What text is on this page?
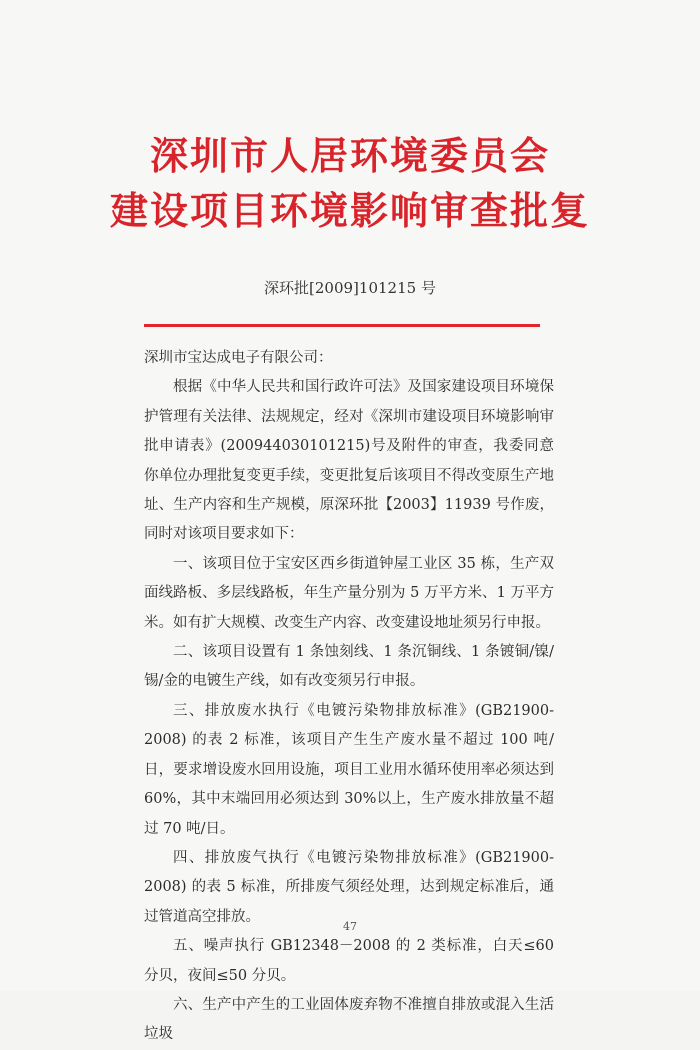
深圳市人居环境委员会
建设项目环境影响审查批复
深环批[2009]101215 号

深圳市宝达成电子有限公司：

根据《中华人民共和国行政许可法》及国家建设项目环境保护管理有关法律、法规规定，经对《深圳市建设项目环境影响审批申请表》(200944030101215)号及附件的审查，我委同意你单位办理批复变更手续，变更批复后该项目不得改变原生产地址、生产内容和生产规模，原深环批【2003】11939 号作废，同时对该项目要求如下：

一、该项目位于宝安区西乡街道钟屋工业区 35 栋，生产双面线路板、多层线路板，年生产量分别为 5 万平方米、1 万平方米。如有扩大规模、改变生产内容、改变建设地址须另行申报。

二、该项目设置有 1 条蚀刻线、1 条沉铜线、1 条镀铜/镍/锡/金的电镀生产线，如有改变须另行申报。

三、排放废水执行《电镀污染物排放标准》(GB21900-2008) 的表 2 标准，该项目产生生产废水量不超过 100 吨/日，要求增设废水回用设施，项目工业用水循环使用率必须达到 60%，其中末端回用必须达到 30%以上，生产废水排放量不超过 70 吨/日。

四、排放废气执行《电镀污染物排放标准》(GB21900-2008) 的表 5 标准，所排废气须经处理，达到规定标准后，通过管道高空排放。

五、噪声执行 GB12348－2008 的 2 类标准，白天≤60 分贝，夜间≤50 分贝。

六、生产中产生的工业固体废弃物不准擅自排放或混入生活垃圾

47
